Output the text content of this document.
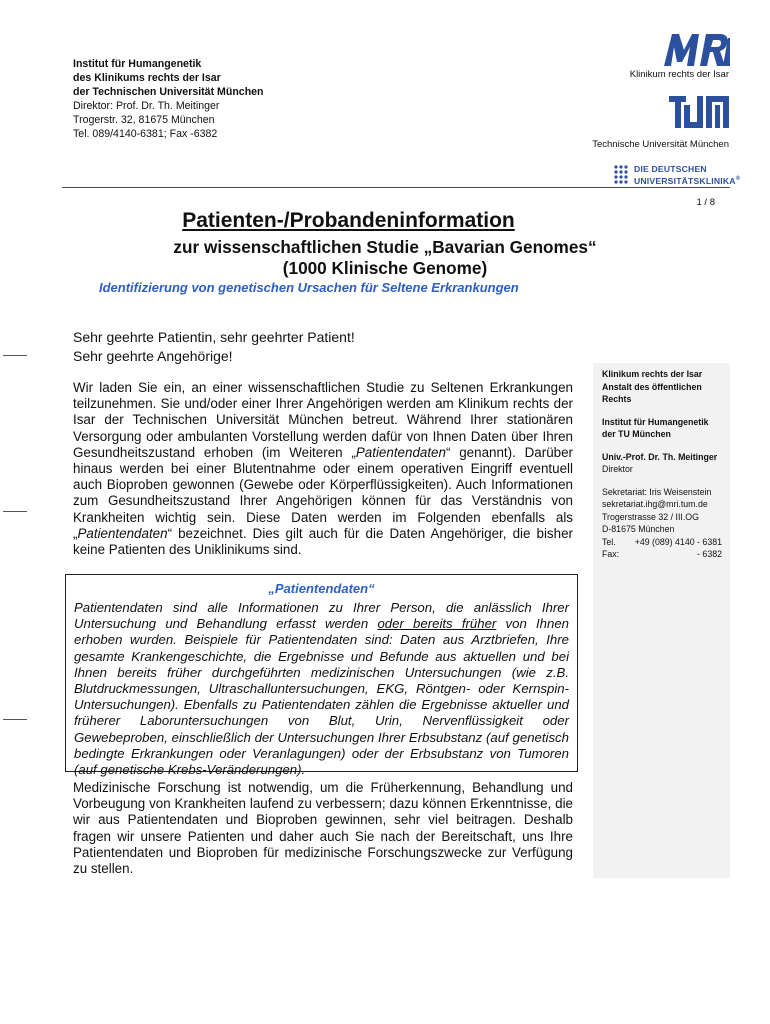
Institut für Humangenetik
des Klinikums rechts der Isar
der Technischen Universität München
Direktor: Prof. Dr. Th. Meitinger
Trogerstr. 32, 81675 München
Tel. 089/4140-6381; Fax -6382
Klinikum rechts der Isar
Technische Universität München
DIE DEUTSCHEN
UNIVERSITÄTSKLINIKA®
1 / 8
Patienten-/Probandeninformation
zur wissenschaftlichen Studie „Bavarian Genomes“
(1000 Klinische Genome)
Identifizierung von genetischen Ursachen für Seltene Erkrankungen
Sehr geehrte Patientin, sehr geehrter Patient!
Sehr geehrte Angehörige!
Wir laden Sie ein, an einer wissenschaftlichen Studie zu Seltenen Erkrankungen teilzunehmen. Sie und/oder einer Ihrer Angehörigen werden am Klinikum rechts der Isar der Technischen Universität München betreut. Während Ihrer stationären Versorgung oder ambulanten Vorstellung werden dafür von Ihnen Daten über Ihren Gesundheitszustand erhoben (im Weiteren „Patientendaten“ genannt). Darüber hinaus werden bei einer Blutentnahme oder einem operativen Eingriff eventuell auch Bioproben gewonnen (Gewebe oder Körperflüssigkeiten). Auch Informationen zum Gesundheitszustand Ihrer Angehörigen können für das Verständnis von Krankheiten wichtig sein. Diese Daten werden im Folgenden ebenfalls als „Patientendaten“ bezeichnet. Dies gilt auch für die Daten Angehöriger, die bisher keine Patienten des Uniklinikums sind.
„Patientendaten“
Patientendaten sind alle Informationen zu Ihrer Person, die anlässlich Ihrer Untersuchung und Behandlung erfasst werden oder bereits früher von Ihnen erhoben wurden. Beispiele für Patientendaten sind: Daten aus Arztbriefen, Ihre gesamte Krankengeschichte, die Ergebnisse und Befunde aus aktuellen und bei Ihnen bereits früher durchgeführten medizinischen Untersuchungen (wie z.B. Blutdruckmessungen, Ultraschalluntersuchungen, EKG, Röntgen- oder Kernspin-Untersuchungen). Ebenfalls zu Patientendaten zählen die Ergebnisse aktueller und früherer Laboruntersuchungen von Blut, Urin, Nervenflüssigkeit oder Gewebeproben, einschließlich der Untersuchungen Ihrer Erbsubstanz (auf genetisch bedingte Erkrankungen oder Veranlagungen) oder der Erbsubstanz von Tumoren (auf genetische Krebs-Veränderungen).
Medizinische Forschung ist notwendig, um die Früherkennung, Behandlung und Vorbeugung von Krankheiten laufend zu verbessern; dazu können Erkenntnisse, die wir aus Patientendaten und Bioproben gewinnen, sehr viel beitragen. Deshalb fragen wir unsere Patienten und daher auch Sie nach der Bereitschaft, uns Ihre Patientendaten und Bioproben für medizinische Forschungszwecke zur Verfügung zu stellen.
Klinikum rechts der Isar
Anstalt des öffentlichen
Rechts
Institut für Humangenetik
der TU München
Univ.-Prof. Dr. Th. Meitinger
Direktor
Sekretariat: Iris Weisenstein
sekretariat.ihg@mri.tum.de
Trogerstrasse 32 / III.OG
D-81675 München
Tel. +49 (089) 4140 - 6381
Fax:	- 6382
